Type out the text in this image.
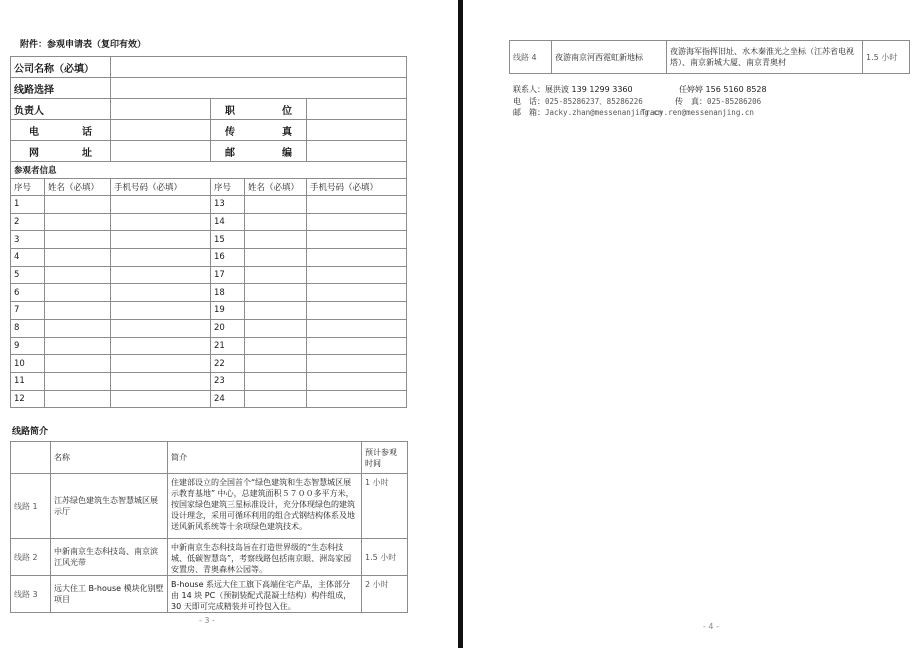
附件：参观申请表（复印有效）
公司名称（必填）					
线路选择					
负责人			职　　位		
电　　话			传　　真		
网　　址			邮　　编		
参观者信息					
序号	姓名（必填）	手机号码（必填）	序号	姓名（必填）	手机号码（必填）
1			13		
2			14		
3			15		
4			16		
5			17		
6			18		
7			19		
8			20		
9			21		
10			22		
11			23		
12			24		
线路简介
	名称	简介	预计参观时间
线路 1	江苏绿色建筑生态智慧城区展示厅	住建部设立的全国首个“绿色建筑和生态智慧城区展示教育基地” 中心，总建筑面积５７００多平方米，按国家绿色建筑三星标准设计，充分体现绿色的建筑设计理念，采用可循环利用的组合式钢结构体系及地送风新风系统等十余项绿色建筑技术。	1 小时
线路 2	中新南京生态科技岛、南京滨江风光带	中新南京生态科技岛旨在打造世界级的“生态科技城、低碳智慧岛”，考察线路包括南京眼、洲岛家园安置房、青奥森林公园等。	1.5 小时
线路 3	远大住工 B-house 模块化别墅项目	B-house 系远大住工旗下高端住宅产品，主体部分由 14 块 PC（预制装配式混凝土结构）构件组成，30 天即可完成精装并可拎包入住。	2 小时
- 3 -
线路 4	夜游南京河西霓虹新地标	夜游海军指挥旧址、水木秦淮光之坐标（江苏省电视塔）、南京新城大厦、南京青奥村	1.5 小时
联系人：展洪波 139 1299 3360	任婷婷 156 5160 8528
电　话：025-85286237、85286226	传　真：025-85286206
邮　箱：Jacky.zhan@messenanjing.cn
Tracy.ren@messenanjing.cn
- 4 -
